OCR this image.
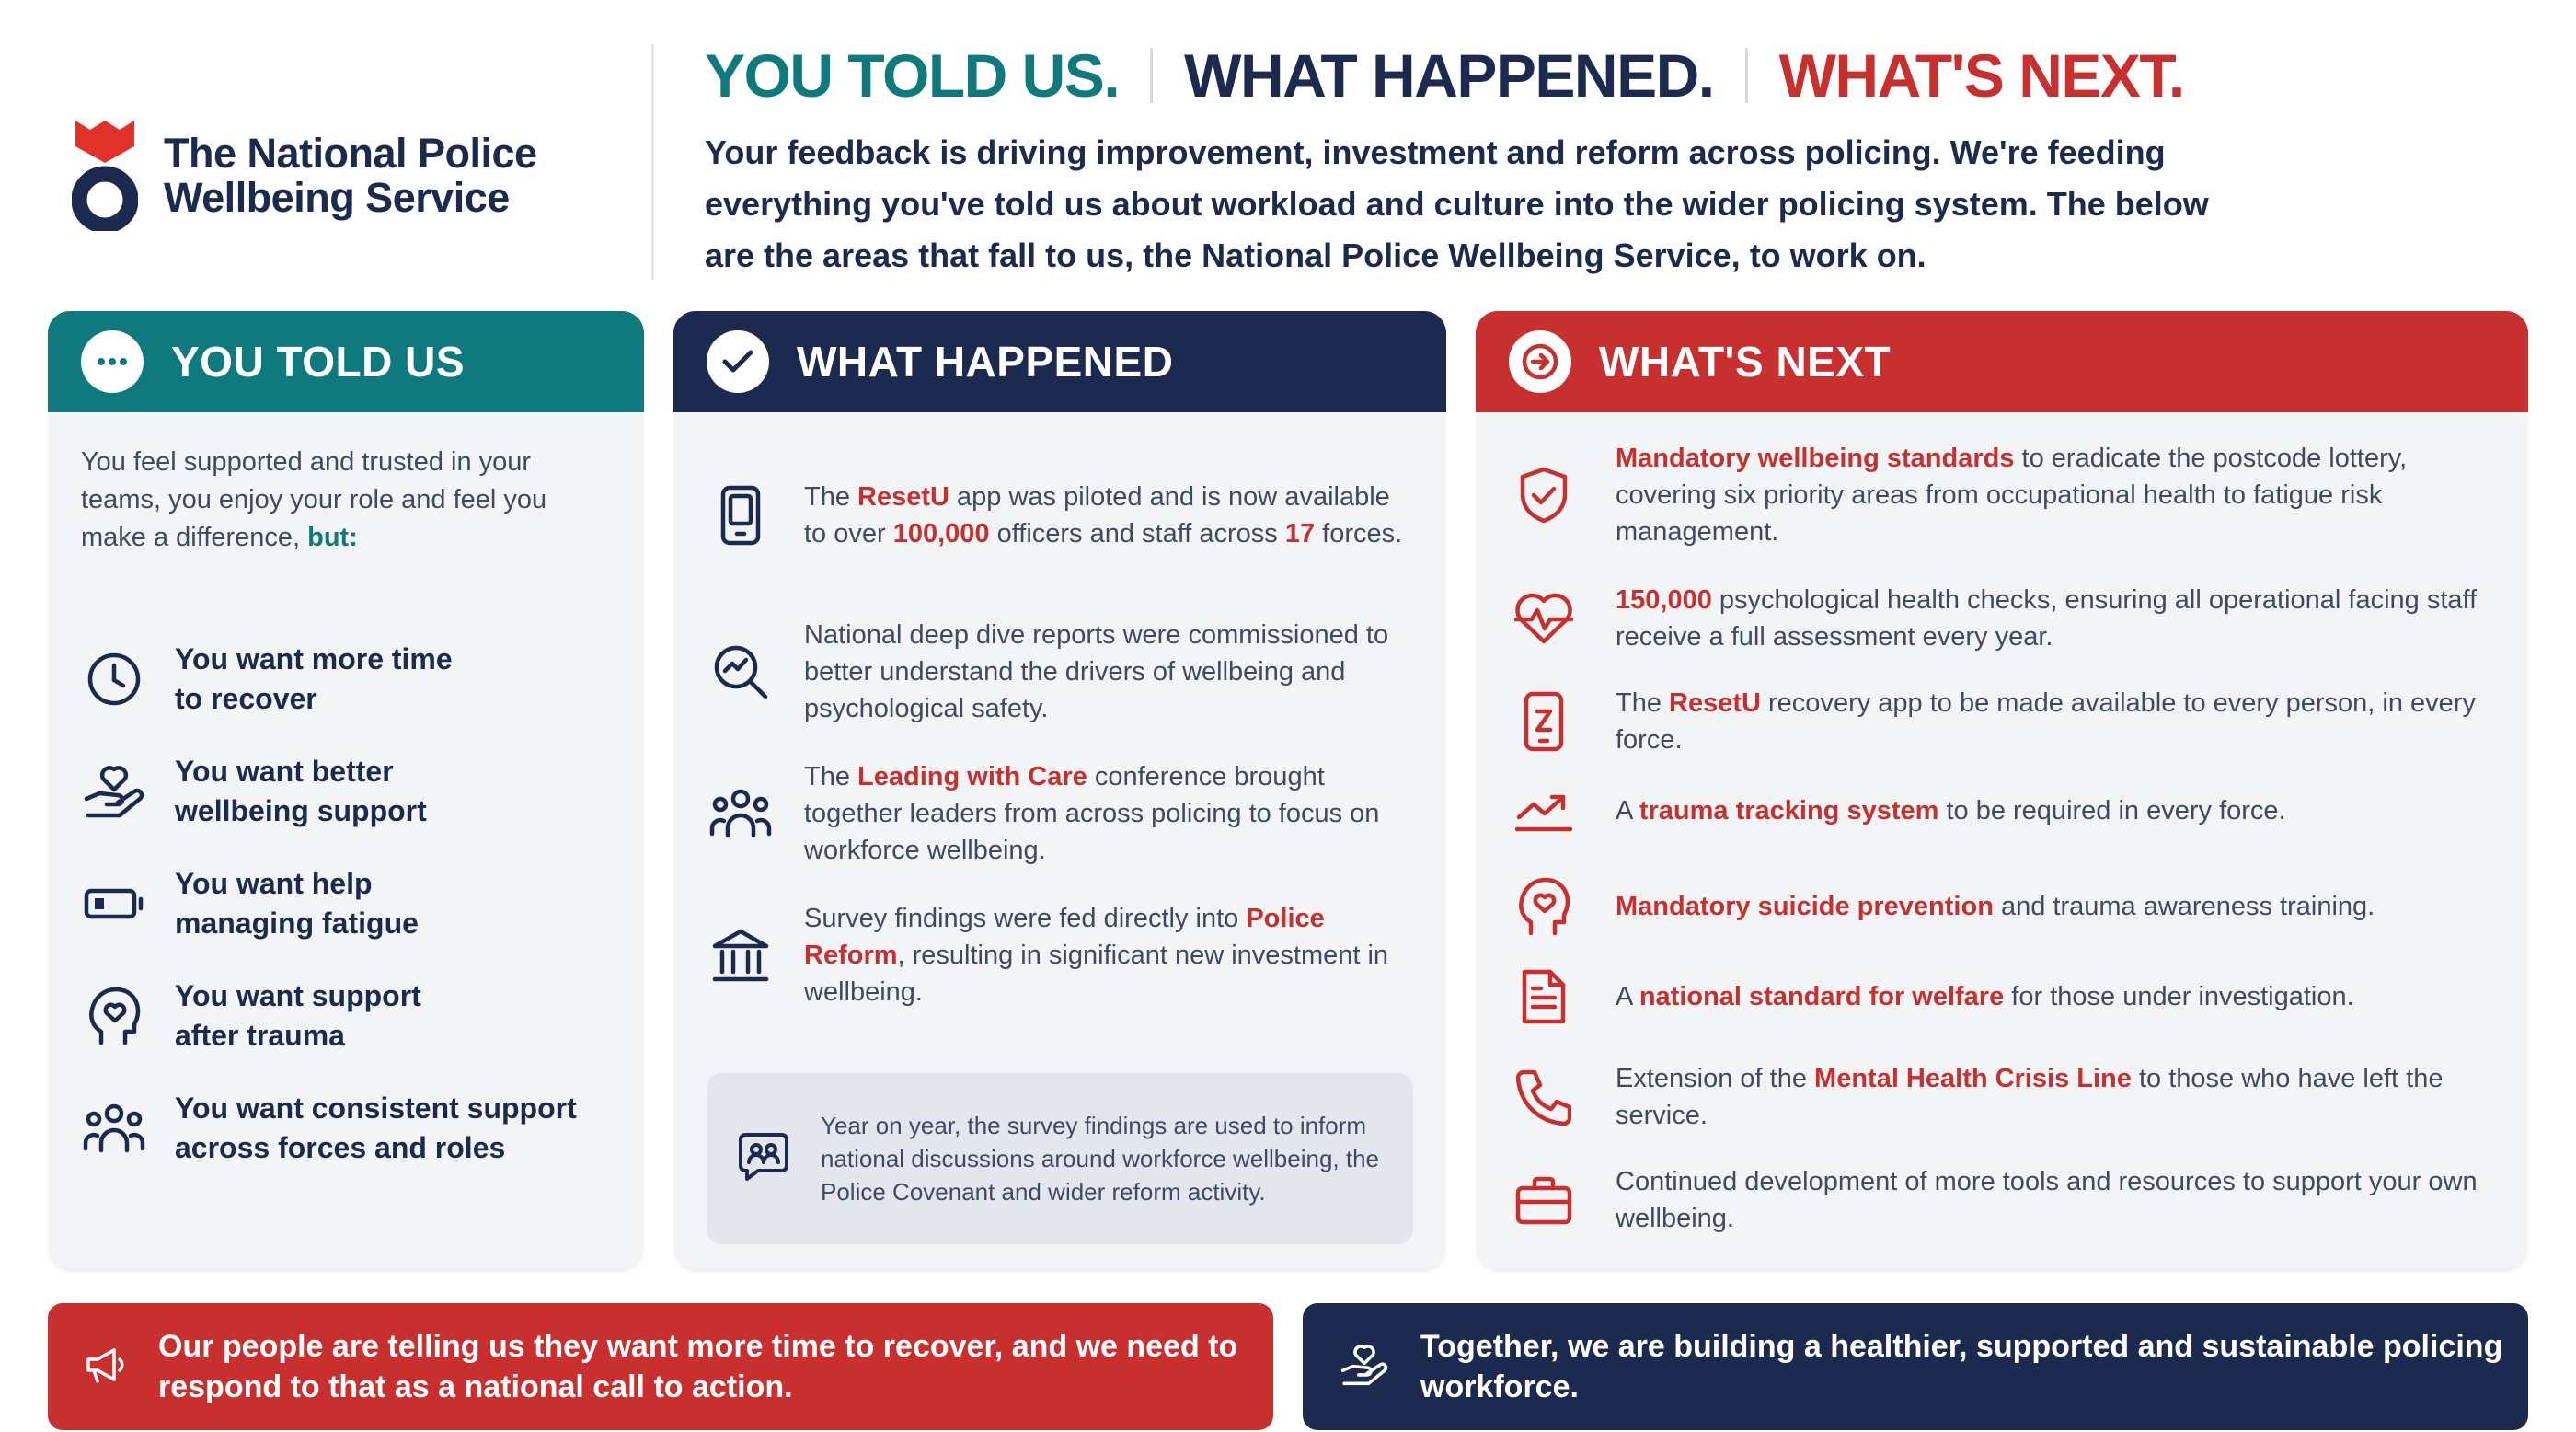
The National Police
Wellbeing Service
YOU TOLD US. WHAT HAPPENED. WHAT'S NEXT.

Your feedback is driving improvement, investment and reform across policing. We're feeding everything you've told us about workload and culture into the wider policing system. The below are the areas that fall to us, the National Police Wellbeing Service, to work on.

YOU TOLD US

You feel supported and trusted in your teams, you enjoy your role and feel you make a difference, but:

You want more time
to recover
You want better
wellbeing support
You want help
managing fatigue
You want support
after trauma
You want consistent support
across forces and roles
WHAT HAPPENED

The ResetU app was piloted and is now available to over 100,000 officers and staff across 17 forces.

National deep dive reports were commissioned to better understand the drivers of wellbeing and psychological safety.

The Leading with Care conference brought together leaders from across policing to focus on workforce wellbeing.

Survey findings were fed directly into Police Reform, resulting in significant new investment in wellbeing.

Year on year, the survey findings are used to inform national discussions around workforce wellbeing, the Police Covenant and wider reform activity.

WHAT'S NEXT

Mandatory wellbeing standards to eradicate the postcode lottery, covering six priority areas from occupational health to fatigue risk management.

150,000 psychological health checks, ensuring all operational facing staff receive a full assessment every year.

The ResetU recovery app to be made available to every person, in every force.

A trauma tracking system to be required in every force.

Mandatory suicide prevention and trauma awareness training.

A national standard for welfare for those under investigation.

Extension of the Mental Health Crisis Line to those who have left the service.

Continued development of more tools and resources to support your own wellbeing.

Our people are telling us they want more time to recover, and we need to respond to that as a national call to action.

Together, we are building a healthier, supported and sustainable policing workforce.
